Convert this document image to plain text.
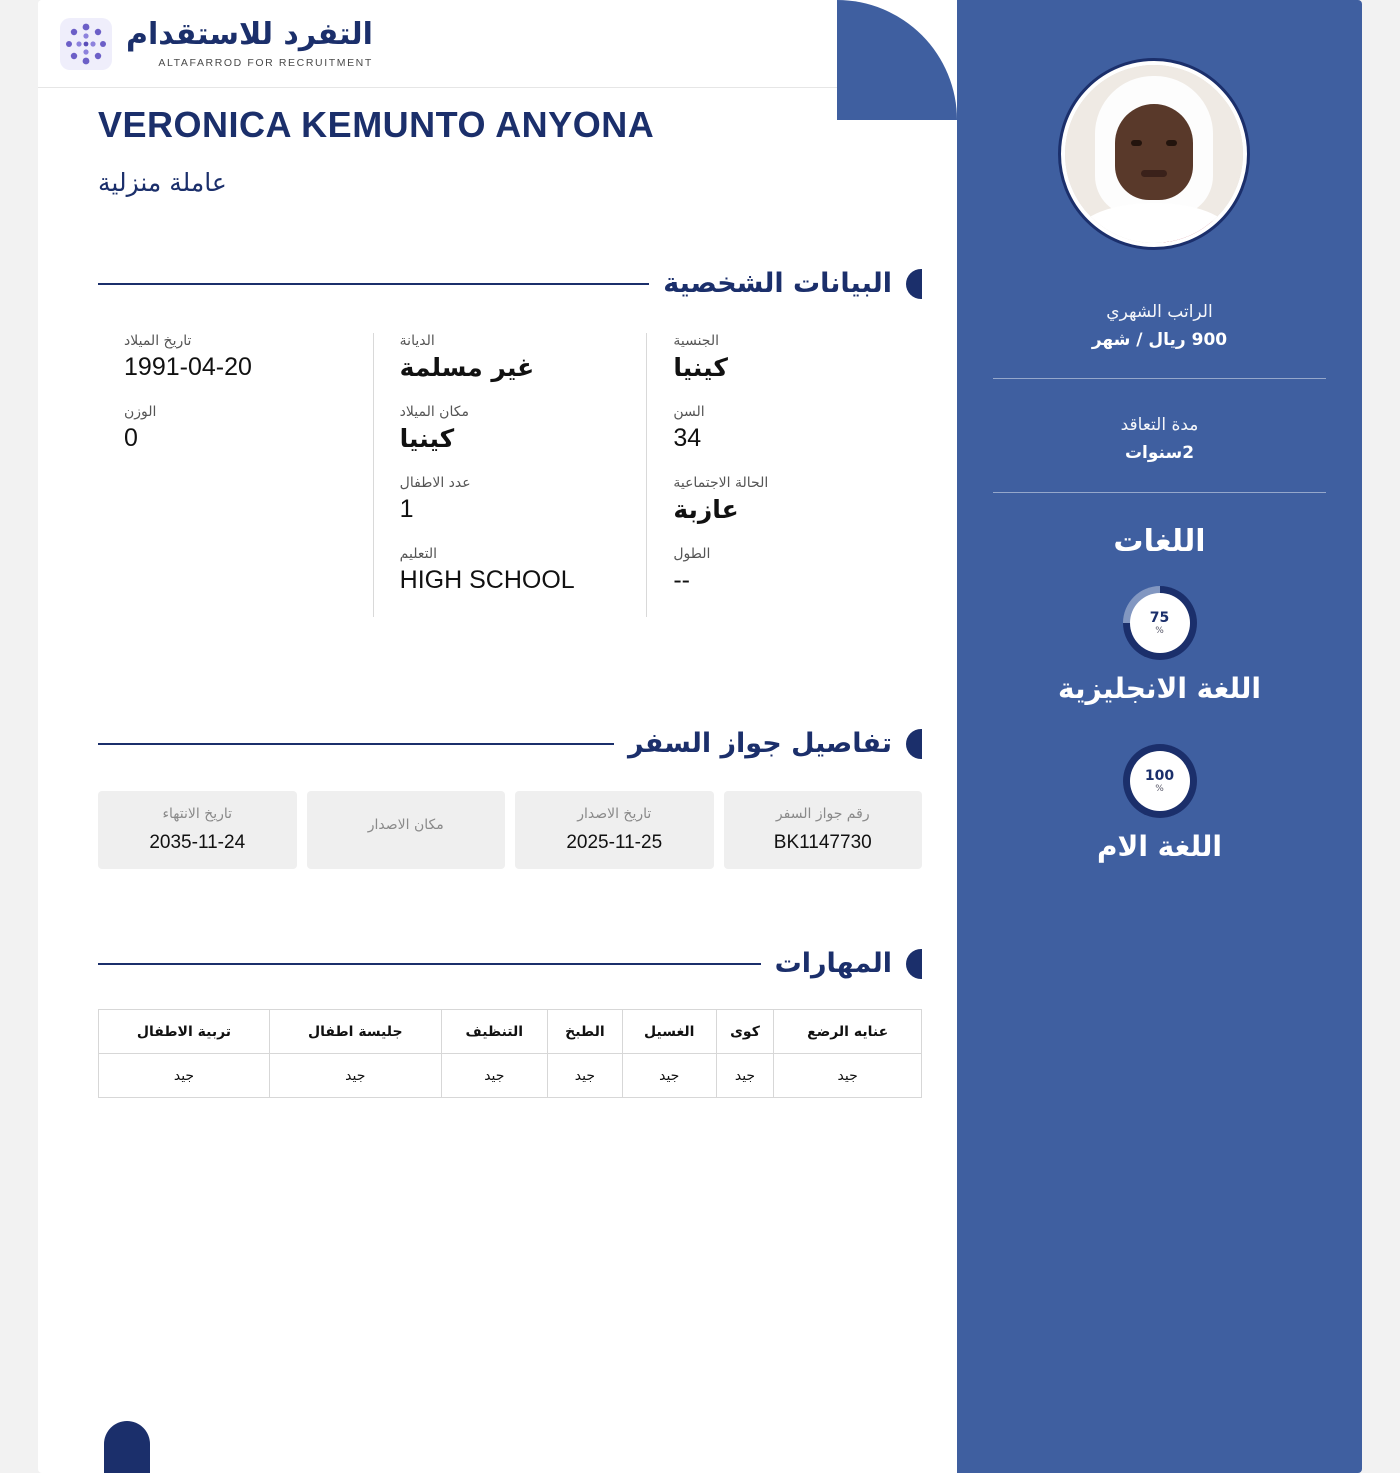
التفرد للاستقدام
ALTAFARROD FOR RECRUITMENT
VERONICA KEMUNTO ANYONA
عاملة منزلية
البيانات الشخصية
الجنسية
كينيا
السن
34
الحالة الاجتماعية
عازبة
الطول
--
الديانة
غير مسلمة
مكان الميلاد
كينيا
عدد الاطفال
1
التعليم
HIGH SCHOOL
تاريخ الميلاد
1991-04-20
الوزن
0
تفاصيل جواز السفر
رقم جواز السفر
BK1147730
تاريخ الاصدار
2025-11-25
مكان الاصدار
تاريخ الانتهاء
2035-11-24
المهارات
عنايه الرضع	كوى	الغسيل	الطبخ	التنظيف	جليسة اطفال	تربية الاطفال
جيد	جيد	جيد	جيد	جيد	جيد	جيد
الراتب الشهري
900 ريال / شهر
مدة التعاقد
2سنوات
اللغات
75
%
اللغة الانجليزية
100
%
اللغة الام
